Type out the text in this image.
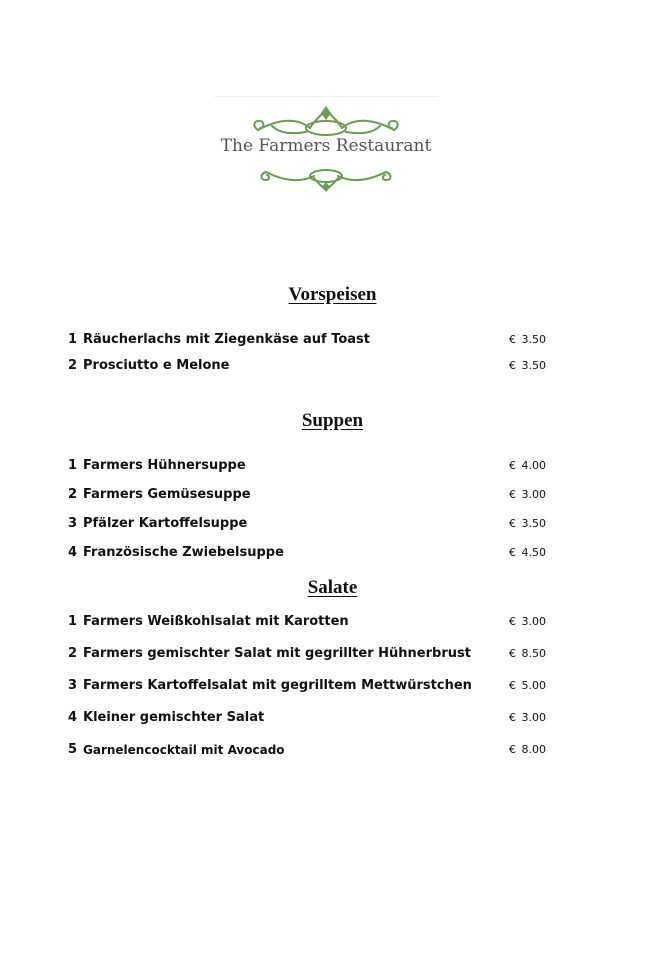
The Farmers Restaurant
Vorspeisen
1 Räucherlachs mit Ziegenkäse auf Toast	€ 3.50
2 Prosciutto e Melone	€ 3.50
Suppen
1 Farmers Hühnersuppe	€ 4.00
2 Farmers Gemüsesuppe	€ 3.00
3 Pfälzer Kartoffelsuppe	€ 3.50
4 Französische Zwiebelsuppe	€ 4.50
Salate
1 Farmers Weißkohlsalat mit Karotten	€ 3.00
2 Farmers gemischter Salat mit gegrillter Hühnerbrust	€ 8.50
3 Farmers Kartoffelsalat mit gegrilltem Mettwürstchen	€ 5.00
4 Kleiner gemischter Salat	€ 3.00
5 Garnelencocktail mit Avocado	€ 8.00
